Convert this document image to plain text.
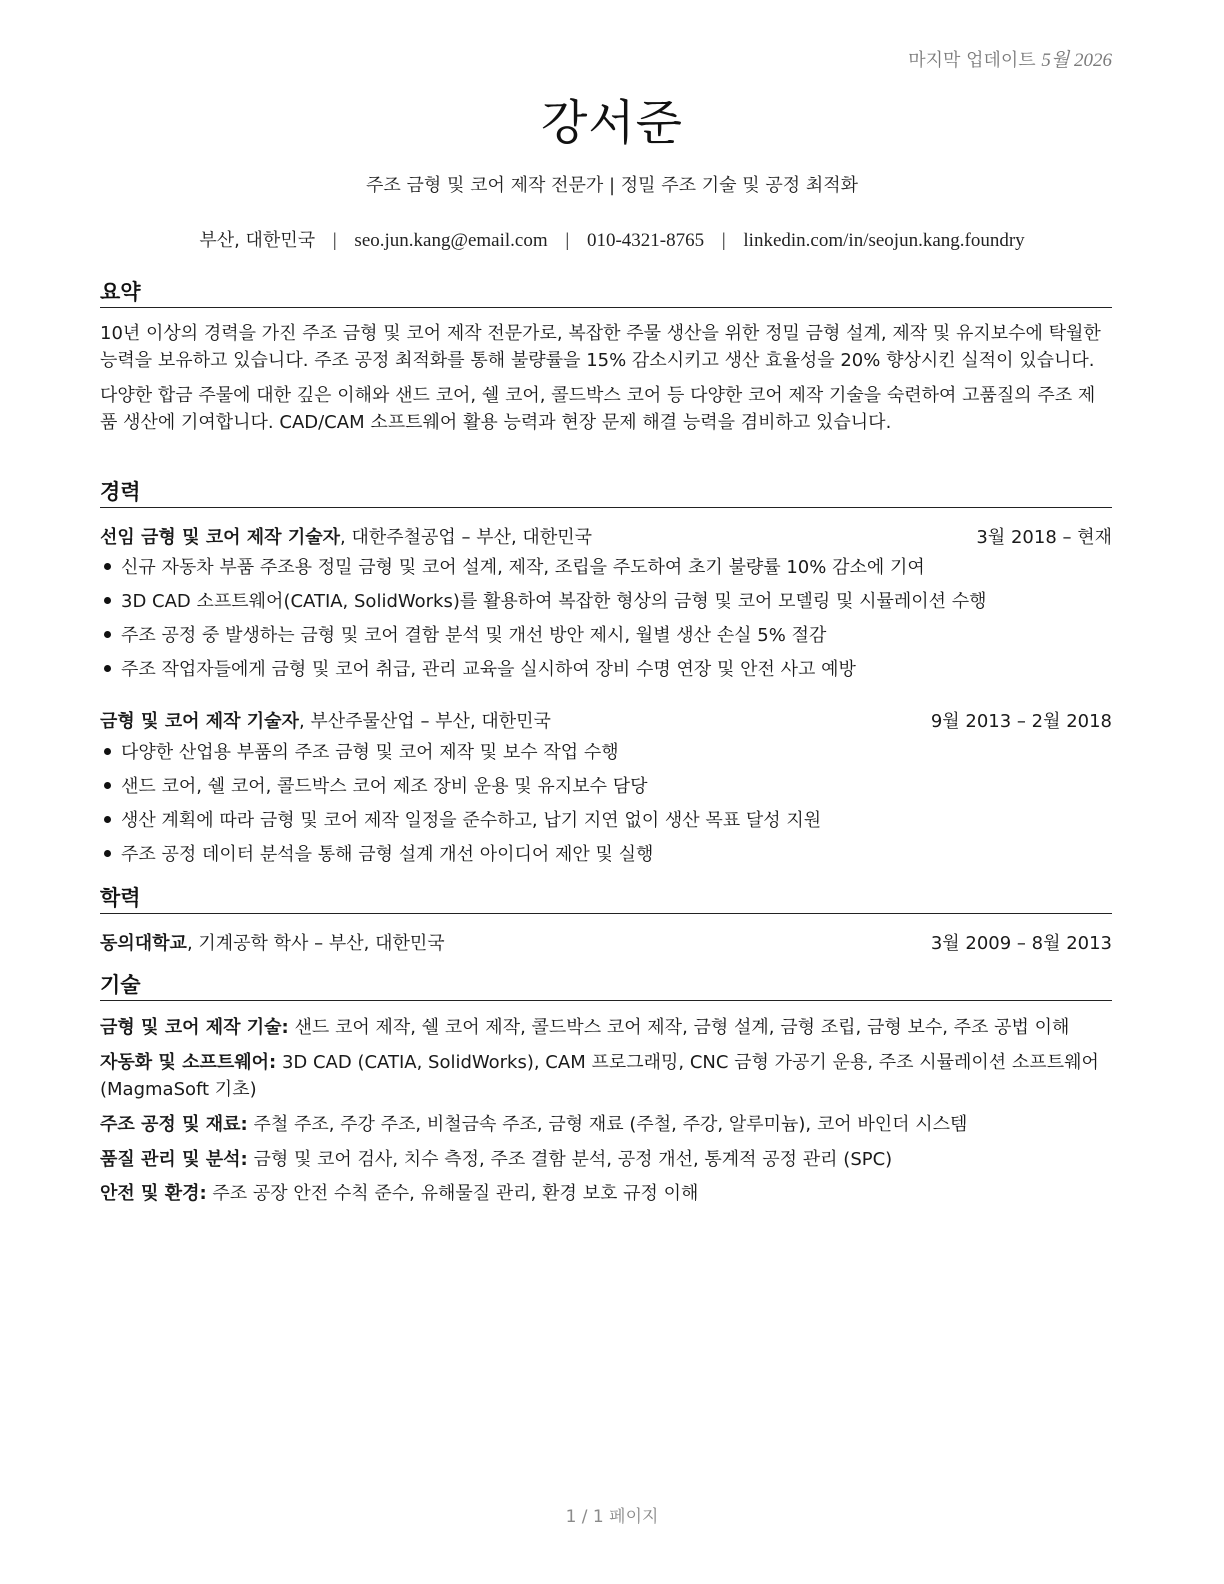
마지막 업데이트 5월 2026
강서준
주조 금형 및 코어 제작 전문가 | 정밀 주조 기술 및 공정 최적화
부산, 대한민국 | seo.jun.kang@email.com | 010-4321-8765 | linkedin.com/in/seojun.kang.foundry
요약

10년 이상의 경력을 가진 주조 금형 및 코어 제작 전문가로, 복잡한 주물 생산을 위한 정밀 금형 설계, 제작 및 유지보수에 탁월한 능력을 보유하고 있습니다. 주조 공정 최적화를 통해 불량률을 15% 감소시키고 생산 효율성을 20% 향상시킨 실적이 있습니다.

다양한 합금 주물에 대한 깊은 이해와 샌드 코어, 쉘 코어, 콜드박스 코어 등 다양한 코어 제작 기술을 숙련하여 고품질의 주조 제품 생산에 기여합니다. CAD/CAM 소프트웨어 활용 능력과 현장 문제 해결 능력을 겸비하고 있습니다.

경력
선임 금형 및 코어 제작 기술자, 대한주철공업 – 부산, 대한민국	3월 2018 – 현재
신규 자동차 부품 주조용 정밀 금형 및 코어 설계, 제작, 조립을 주도하여 초기 불량률 10% 감소에 기여
3D CAD 소프트웨어(CATIA, SolidWorks)를 활용하여 복잡한 형상의 금형 및 코어 모델링 및 시뮬레이션 수행
주조 공정 중 발생하는 금형 및 코어 결함 분석 및 개선 방안 제시, 월별 생산 손실 5% 절감
주조 작업자들에게 금형 및 코어 취급, 관리 교육을 실시하여 장비 수명 연장 및 안전 사고 예방
금형 및 코어 제작 기술자, 부산주물산업 – 부산, 대한민국	9월 2013 – 2월 2018
다양한 산업용 부품의 주조 금형 및 코어 제작 및 보수 작업 수행
샌드 코어, 쉘 코어, 콜드박스 코어 제조 장비 운용 및 유지보수 담당
생산 계획에 따라 금형 및 코어 제작 일정을 준수하고, 납기 지연 없이 생산 목표 달성 지원
주조 공정 데이터 분석을 통해 금형 설계 개선 아이디어 제안 및 실행
학력
동의대학교, 기계공학 학사 – 부산, 대한민국	3월 2009 – 8월 2013
기술
금형 및 코어 제작 기술: 샌드 코어 제작, 쉘 코어 제작, 콜드박스 코어 제작, 금형 설계, 금형 조립, 금형 보수, 주조 공법 이해
자동화 및 소프트웨어: 3D CAD (CATIA, SolidWorks), CAM 프로그래밍, CNC 금형 가공기 운용, 주조 시뮬레이션 소프트웨어 (MagmaSoft 기초)
주조 공정 및 재료: 주철 주조, 주강 주조, 비철금속 주조, 금형 재료 (주철, 주강, 알루미늄), 코어 바인더 시스템
품질 관리 및 분석: 금형 및 코어 검사, 치수 측정, 주조 결함 분석, 공정 개선, 통계적 공정 관리 (SPC)
안전 및 환경: 주조 공장 안전 수칙 준수, 유해물질 관리, 환경 보호 규정 이해
1 / 1 페이지
